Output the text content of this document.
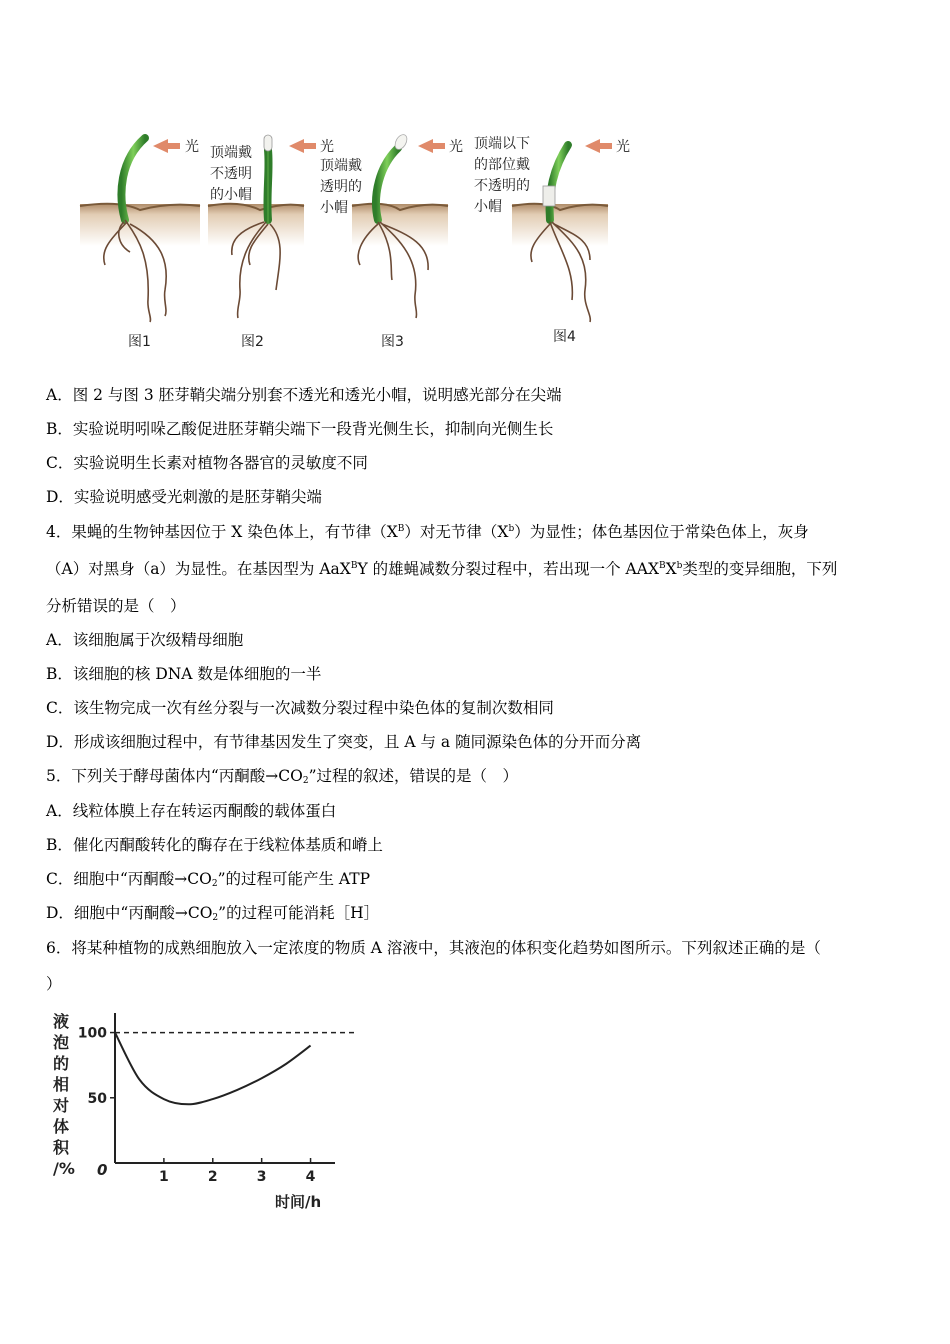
光
图1
光
顶端戴
不透明
的小帽
图2
光
顶端戴
透明的
小帽
图3
光
顶端以下
的部位戴
不透明的
小帽
图4
A．图 2 与图 3 胚芽鞘尖端分别套不透光和透光小帽，说明感光部分在尖端
B．实验说明吲哚乙酸促进胚芽鞘尖端下一段背光侧生长，抑制向光侧生长
C．实验说明生长素对植物各器官的灵敏度不同
D．实验说明感受光刺激的是胚芽鞘尖端
4．果蝇的生物钟基因位于 X 染色体上，有节律$(X^B)$对无节律$(X^b)$为显性；体色基因位于常染色体上，灰身
（A）对黑身（a）为显性。在基因型为 AaX$^B$Y 的雄蝇减数分裂过程中，若出现一个 $AAX^BX^b$类型的变异细胞，下列
分析错误的是（　）
A．该细胞属于次级精母细胞
B．该细胞的核 DNA 数是体细胞的一半
C．该生物完成一次有丝分裂与一次减数分裂过程中染色体的复制次数相同
D．形成该细胞过程中，有节律基因发生了突变，且 A 与 a 随同源染色体的分开而分离
5．下列关于酵母菌体内“丙酮酸$\to CO_2$”过程的叙述，错误的是（　）
A．线粒体膜上存在转运丙酮酸的载体蛋白
B．催化丙酮酸转化的酶存在于线粒体基质和嵴上
C．细胞中“丙酮酸$\to CO_2$”的过程可能产生 ATP
D．细胞中“丙酮酸$\to CO_2$”的过程可能消耗［H］
6．将某种植物的成熟细胞放入一定浓度的物质 A 溶液中，其液泡的体积变化趋势如图所示。下列叙述正确的是（
）
液
泡
的
相
对
体
积
/%
100
50
0	1	2	3	4
时间/h
